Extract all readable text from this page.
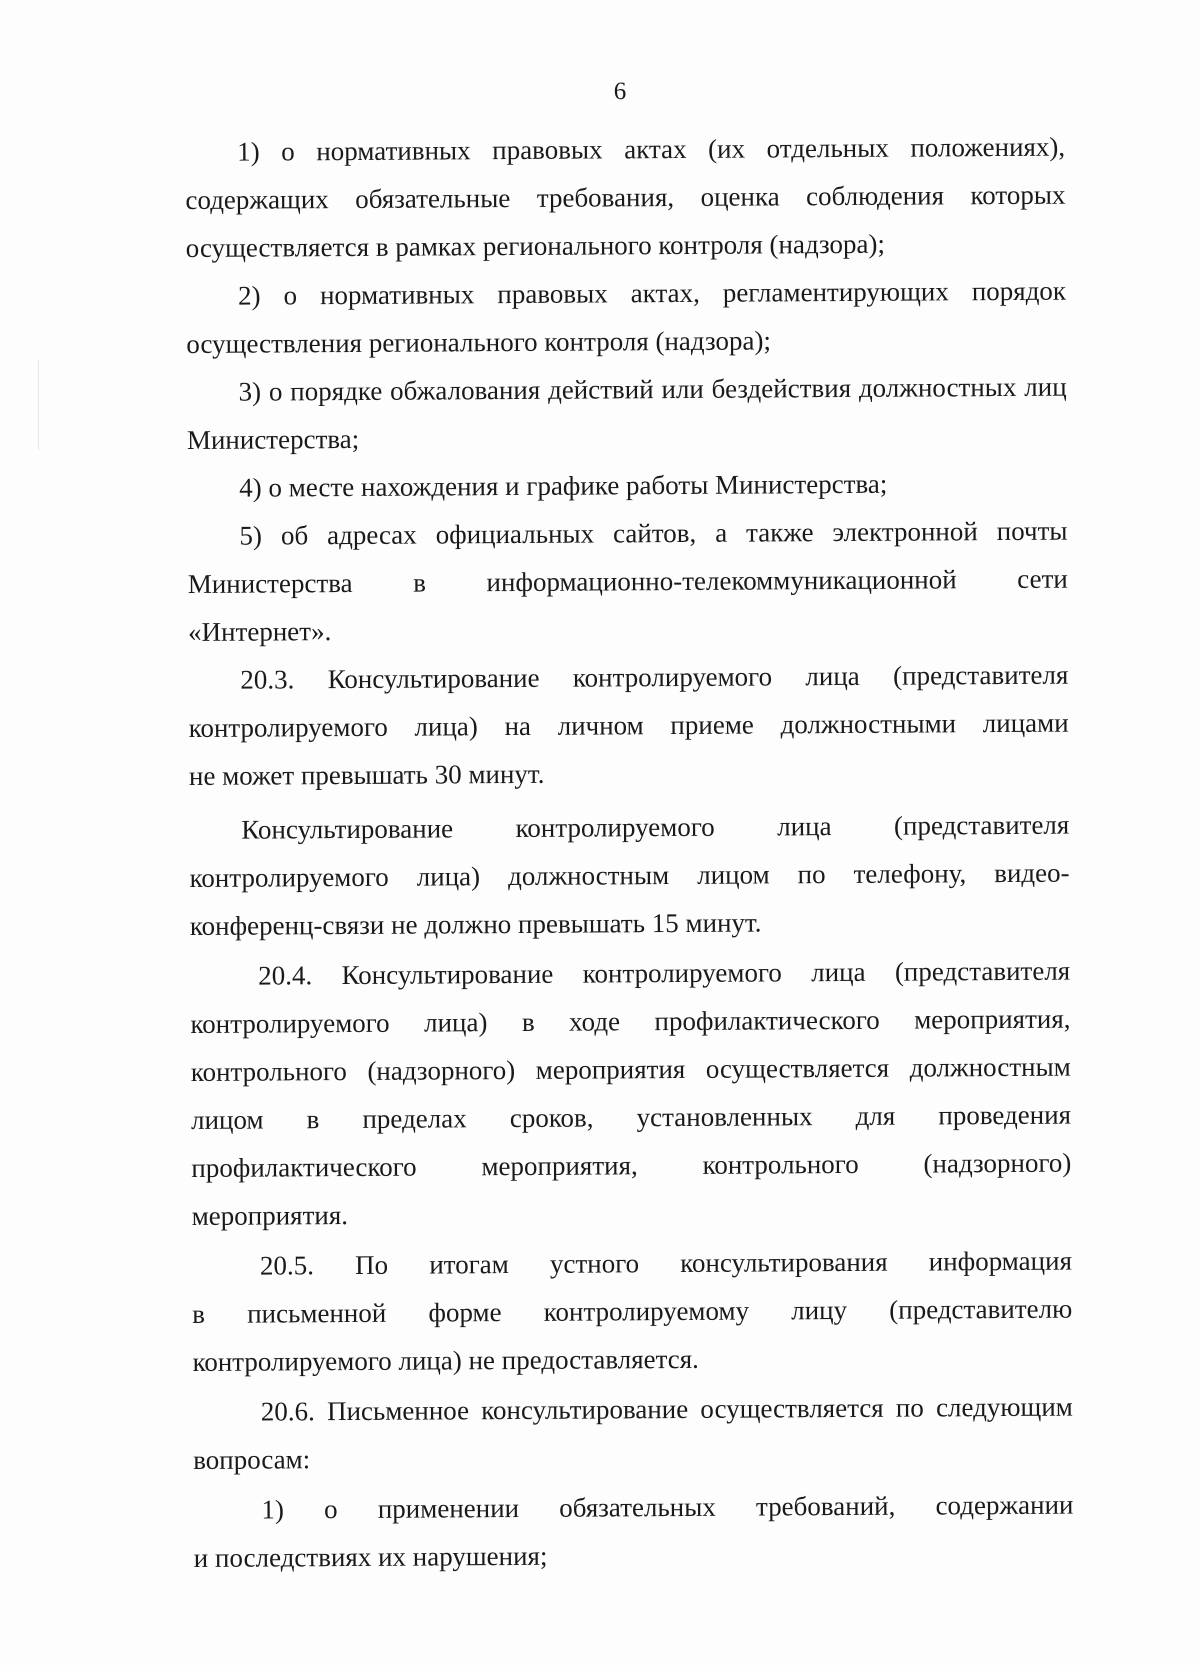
6
1) о нормативных правовых актах (их отдельных положениях),
содержащих обязательные требования, оценка соблюдения которых
осуществляется в рамках регионального контроля (надзора);
2) о нормативных правовых актах, регламентирующих порядок
осуществления регионального контроля (надзора);
3) о порядке обжалования действий или бездействия должностных лиц
Министерства;
4) о месте нахождения и графике работы Министерства;
5) об адресах официальных сайтов, а также электронной почты
Министерства в информационно-телекоммуникационной сети
«Интернет».
20.3. Консультирование контролируемого лица (представителя
контролируемого лица) на личном приеме должностными лицами
не может превышать 30 минут.
Консультирование контролируемого лица (представителя
контролируемого лица) должностным лицом по телефону, видео-
конференц-связи не должно превышать 15 минут.
20.4. Консультирование контролируемого лица (представителя
контролируемого лица) в ходе профилактического мероприятия,
контрольного (надзорного) мероприятия осуществляется должностным
лицом в пределах сроков, установленных для проведения
профилактического мероприятия, контрольного (надзорного)
мероприятия.
20.5. По итогам устного консультирования информация
в письменной форме контролируемому лицу (представителю
контролируемого лица) не предоставляется.
20.6. Письменное консультирование осуществляется по следующим
вопросам:
1) о применении обязательных требований, содержании
и последствиях их нарушения;
